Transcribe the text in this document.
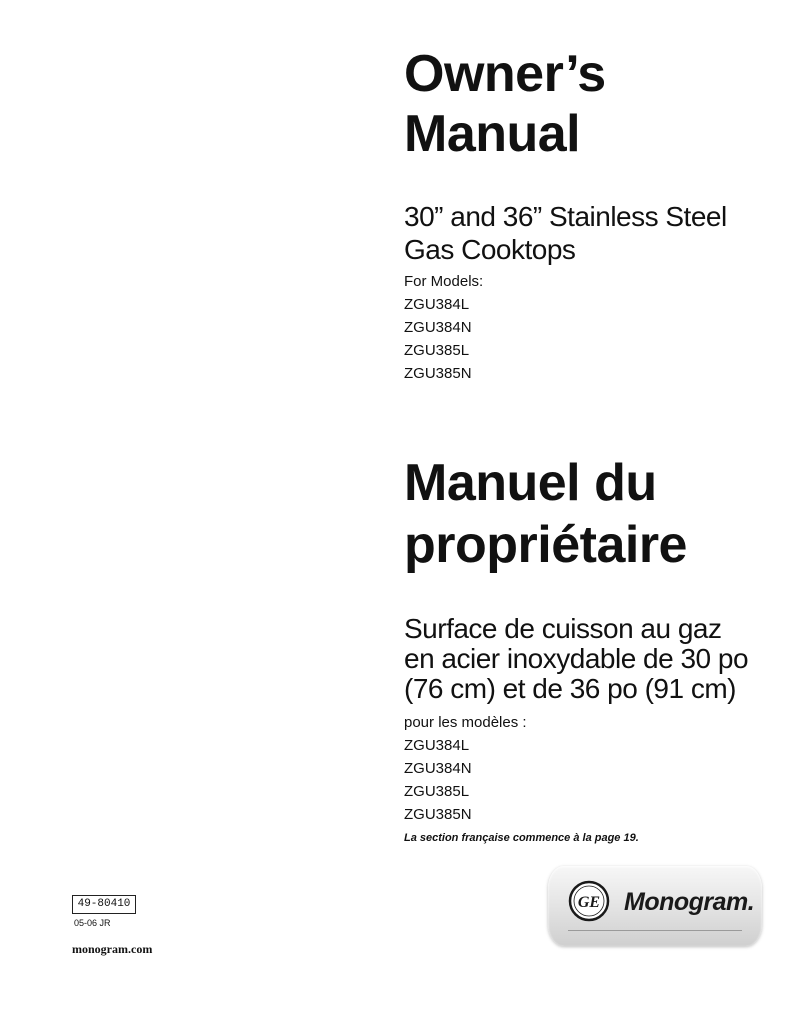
Owner’s
Manual
30” and 36” Stainless Steel
Gas Cooktops
For Models:
ZGU384L
ZGU384N
ZGU385L
ZGU385N
Manuel du
propriétaire
Surface de cuisson au gaz
en acier inoxydable de 30 po
(76 cm) et de 36 po (91 cm)
pour les modèles :
ZGU384L
ZGU384N
ZGU385L
ZGU385N
La section française commence à la page 19.
49-80410
05-06 JR
monogram.com
GE Monogram.
